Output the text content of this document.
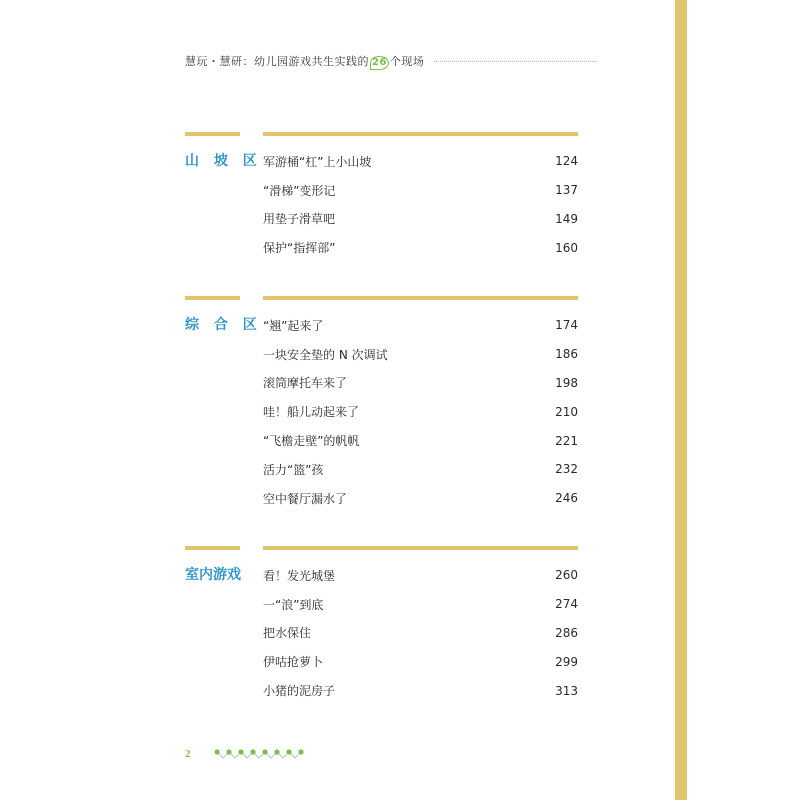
慧玩・慧研：幼儿园游戏共生实践的 26 个现场
山 坡 区 军游桶“杠”上小山坡	124
“滑梯”变形记	137
用垫子滑草吧	149
保护“指挥部”	160
综 合 区 “翘”起来了	174
一块安全垫的 N 次调试	186
滚筒摩托车来了	198
哇！船儿动起来了	210
“飞檐走壁”的帆帆	221
活力“篮”孩	232
空中餐厅漏水了	246
室内游戏	看！发光城堡	260
一“浪”到底	274
把水保住	286
伊咕抢萝卜	299
小猪的泥房子	313
2
